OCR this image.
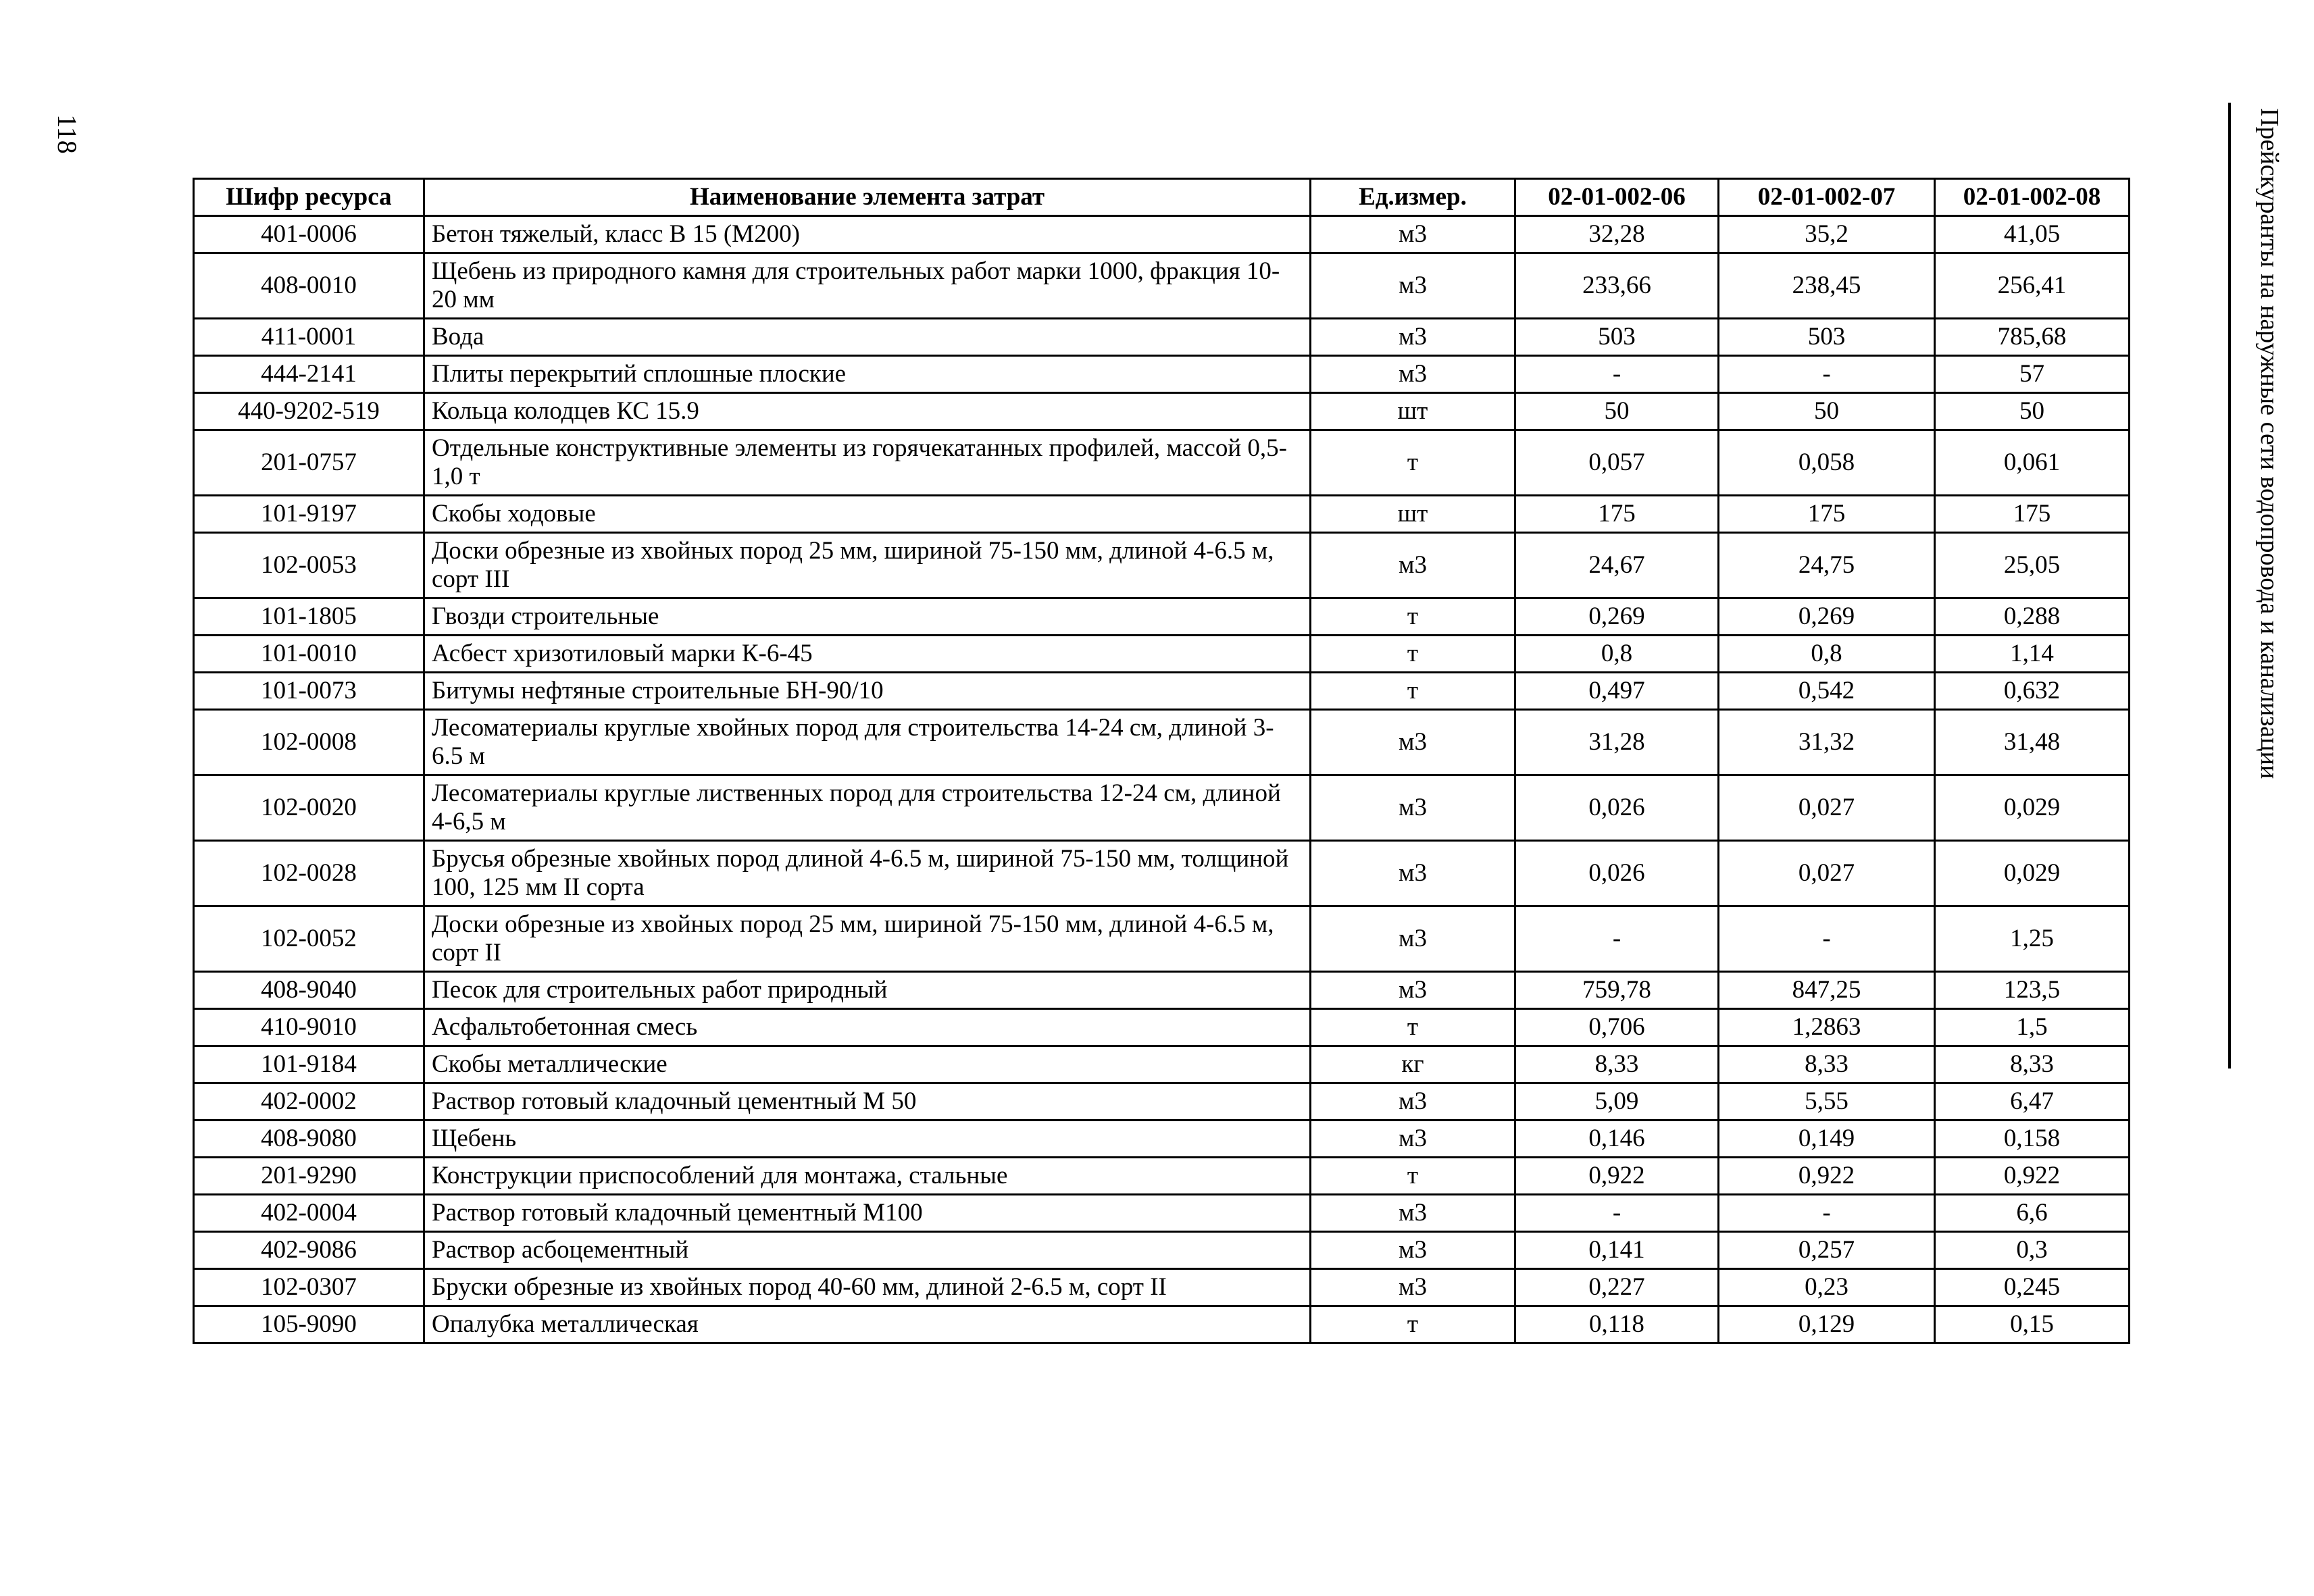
118	Прейскуранты на наружные сети водопровода и канализации
Шифр ресурса	Наименование элемента затрат	Ед.измер.	02-01-002-06	02-01-002-07	02-01-002-08
401-0006	Бетон тяжелый, класс В 15 (М200)	м3	32,28	35,2	41,05
408-0010	Щебень из природного камня для строительных работ марки 1000, фракция 10-20 мм	м3	233,66	238,45	256,41
411-0001	Вода	м3	503	503	785,68
444-2141	Плиты перекрытий сплошные плоские	м3	-	-	57
440-9202-519	Кольца колодцев КС 15.9	шт	50	50	50
201-0757	Отдельные конструктивные элементы из горячекатанных профилей, массой 0,5-1,0 т	т	0,057	0,058	0,061
101-9197	Скобы ходовые	шт	175	175	175
102-0053	Доски обрезные из хвойных пород 25 мм, шириной 75-150 мм, длиной 4-6.5 м, сорт III	м3	24,67	24,75	25,05
101-1805	Гвозди строительные	т	0,269	0,269	0,288
101-0010	Асбест хризотиловый марки К-6-45	т	0,8	0,8	1,14
101-0073	Битумы нефтяные строительные БН-90/10	т	0,497	0,542	0,632
102-0008	Лесоматериалы круглые хвойных пород для строительства 14-24 см, длиной 3-6.5 м	м3	31,28	31,32	31,48
102-0020	Лесоматериалы круглые лиственных пород для строительства 12-24 см, длиной 4-6,5 м	м3	0,026	0,027	0,029
102-0028	Брусья обрезные хвойных пород длиной 4-6.5 м, шириной 75-150 мм, толщиной 100, 125 мм II сорта	м3	0,026	0,027	0,029
102-0052	Доски обрезные из хвойных пород 25 мм, шириной 75-150 мм, длиной 4-6.5 м, сорт II	м3	-	-	1,25
408-9040	Песок для строительных работ природный	м3	759,78	847,25	123,5
410-9010	Асфальтобетонная смесь	т	0,706	1,2863	1,5
101-9184	Скобы металлические	кг	8,33	8,33	8,33
402-0002	Раствор готовый кладочный цементный М 50	м3	5,09	5,55	6,47
408-9080	Щебень	м3	0,146	0,149	0,158
201-9290	Конструкции приспособлений для монтажа, стальные	т	0,922	0,922	0,922
402-0004	Раствор готовый кладочный цементный М100	м3	-	-	6,6
402-9086	Раствор асбоцементный	м3	0,141	0,257	0,3
102-0307	Бруски обрезные из хвойных пород 40-60 мм, длиной 2-6.5 м, сорт II	м3	0,227	0,23	0,245
105-9090	Опалубка металлическая	т	0,118	0,129	0,15
